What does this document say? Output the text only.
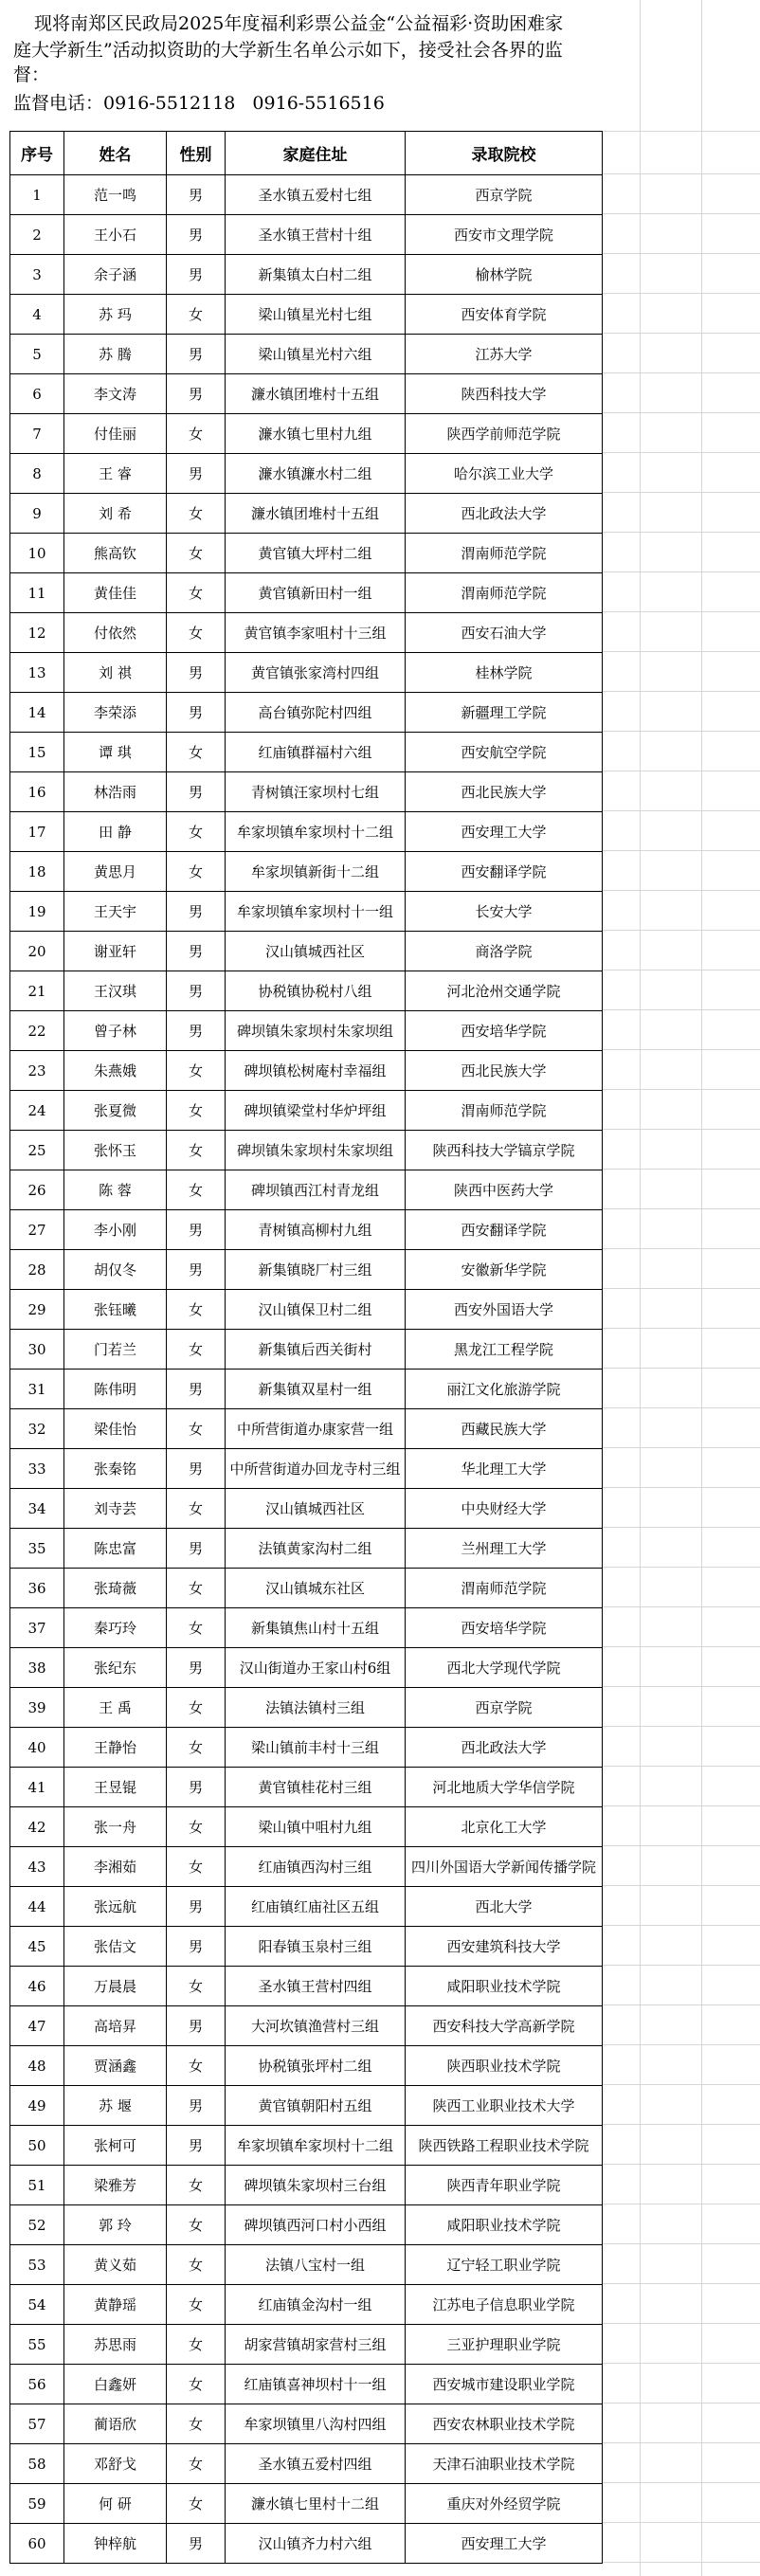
现将南郑区民政局2025年度福利彩票公益金“公益福彩·资助困难家
庭大学新生”活动拟资助的大学新生名单公示如下，接受社会各界的监
督：
监督电话：0916-5512118 0916-5516516
序号	姓名	性别	家庭住址	录取院校
1	范一鸣	男	圣水镇五爱村七组	西京学院
2	王小石	男	圣水镇王营村十组	西安市文理学院
3	余子涵	男	新集镇太白村二组	榆林学院
4	苏 玛	女	梁山镇星光村七组	西安体育学院
5	苏 腾	男	梁山镇星光村六组	江苏大学
6	李文涛	男	濂水镇团堆村十五组	陕西科技大学
7	付佳丽	女	濂水镇七里村九组	陕西学前师范学院
8	王 睿	男	濂水镇濂水村二组	哈尔滨工业大学
9	刘 希	女	濂水镇团堆村十五组	西北政法大学
10	熊高钦	女	黄官镇大坪村二组	渭南师范学院
11	黄佳佳	女	黄官镇新田村一组	渭南师范学院
12	付依然	女	黄官镇李家咀村十三组	西安石油大学
13	刘 祺	男	黄官镇张家湾村四组	桂林学院
14	李荣添	男	高台镇弥陀村四组	新疆理工学院
15	谭 琪	女	红庙镇群福村六组	西安航空学院
16	林浩雨	男	青树镇汪家坝村七组	西北民族大学
17	田 静	女	牟家坝镇牟家坝村十二组	西安理工大学
18	黄思月	女	牟家坝镇新街十二组	西安翻译学院
19	王天宇	男	牟家坝镇牟家坝村十一组	长安大学
20	谢亚轩	男	汉山镇城西社区	商洛学院
21	王汉琪	男	协税镇协税村八组	河北沧州交通学院
22	曾子林	男	碑坝镇朱家坝村朱家坝组	西安培华学院
23	朱燕娥	女	碑坝镇松树庵村幸福组	西北民族大学
24	张夏微	女	碑坝镇梁堂村华炉坪组	渭南师范学院
25	张怀玉	女	碑坝镇朱家坝村朱家坝组	陕西科技大学镐京学院
26	陈 蓉	女	碑坝镇西江村青龙组	陕西中医药大学
27	李小刚	男	青树镇高柳村九组	西安翻译学院
28	胡仅冬	男	新集镇晓厂村三组	安徽新华学院
29	张钰曦	女	汉山镇保卫村二组	西安外国语大学
30	门若兰	女	新集镇后西关街村	黑龙江工程学院
31	陈伟明	男	新集镇双星村一组	丽江文化旅游学院
32	梁佳怡	女	中所营街道办康家营一组	西藏民族大学
33	张秦铭	男	中所营街道办回龙寺村三组	华北理工大学
34	刘寺芸	女	汉山镇城西社区	中央财经大学
35	陈忠富	男	法镇黄家沟村二组	兰州理工大学
36	张琦薇	女	汉山镇城东社区	渭南师范学院
37	秦巧玲	女	新集镇焦山村十五组	西安培华学院
38	张纪东	男	汉山街道办王家山村6组	西北大学现代学院
39	王 禹	女	法镇法镇村三组	西京学院
40	王静怡	女	梁山镇前丰村十三组	西北政法大学
41	王昱锟	男	黄官镇桂花村三组	河北地质大学华信学院
42	张一舟	女	梁山镇中咀村九组	北京化工大学
43	李湘茹	女	红庙镇西沟村三组	四川外国语大学新闻传播学院
44	张远航	男	红庙镇红庙社区五组	西北大学
45	张佶文	男	阳春镇玉泉村三组	西安建筑科技大学
46	万晨晨	女	圣水镇王营村四组	咸阳职业技术学院
47	高培昇	男	大河坎镇渔营村三组	西安科技大学高新学院
48	贾涵鑫	女	协税镇张坪村二组	陕西职业技术学院
49	苏 堰	男	黄官镇朝阳村五组	陕西工业职业技术大学
50	张柯可	男	牟家坝镇牟家坝村十二组	陕西铁路工程职业技术学院
51	梁雅芳	女	碑坝镇朱家坝村三台组	陕西青年职业学院
52	郭 玲	女	碑坝镇西河口村小西组	咸阳职业技术学院
53	黄义茹	女	法镇八宝村一组	辽宁轻工职业学院
54	黄静瑶	女	红庙镇金沟村一组	江苏电子信息职业学院
55	苏思雨	女	胡家营镇胡家营村三组	三亚护理职业学院
56	白鑫妍	女	红庙镇喜神坝村十一组	西安城市建设职业学院
57	蔺语欣	女	牟家坝镇里八沟村四组	西安农林职业技术学院
58	邓舒戈	女	圣水镇五爱村四组	天津石油职业技术学院
59	何 研	女	濂水镇七里村十二组	重庆对外经贸学院
60	钟梓航	男	汉山镇齐力村六组	西安理工大学
